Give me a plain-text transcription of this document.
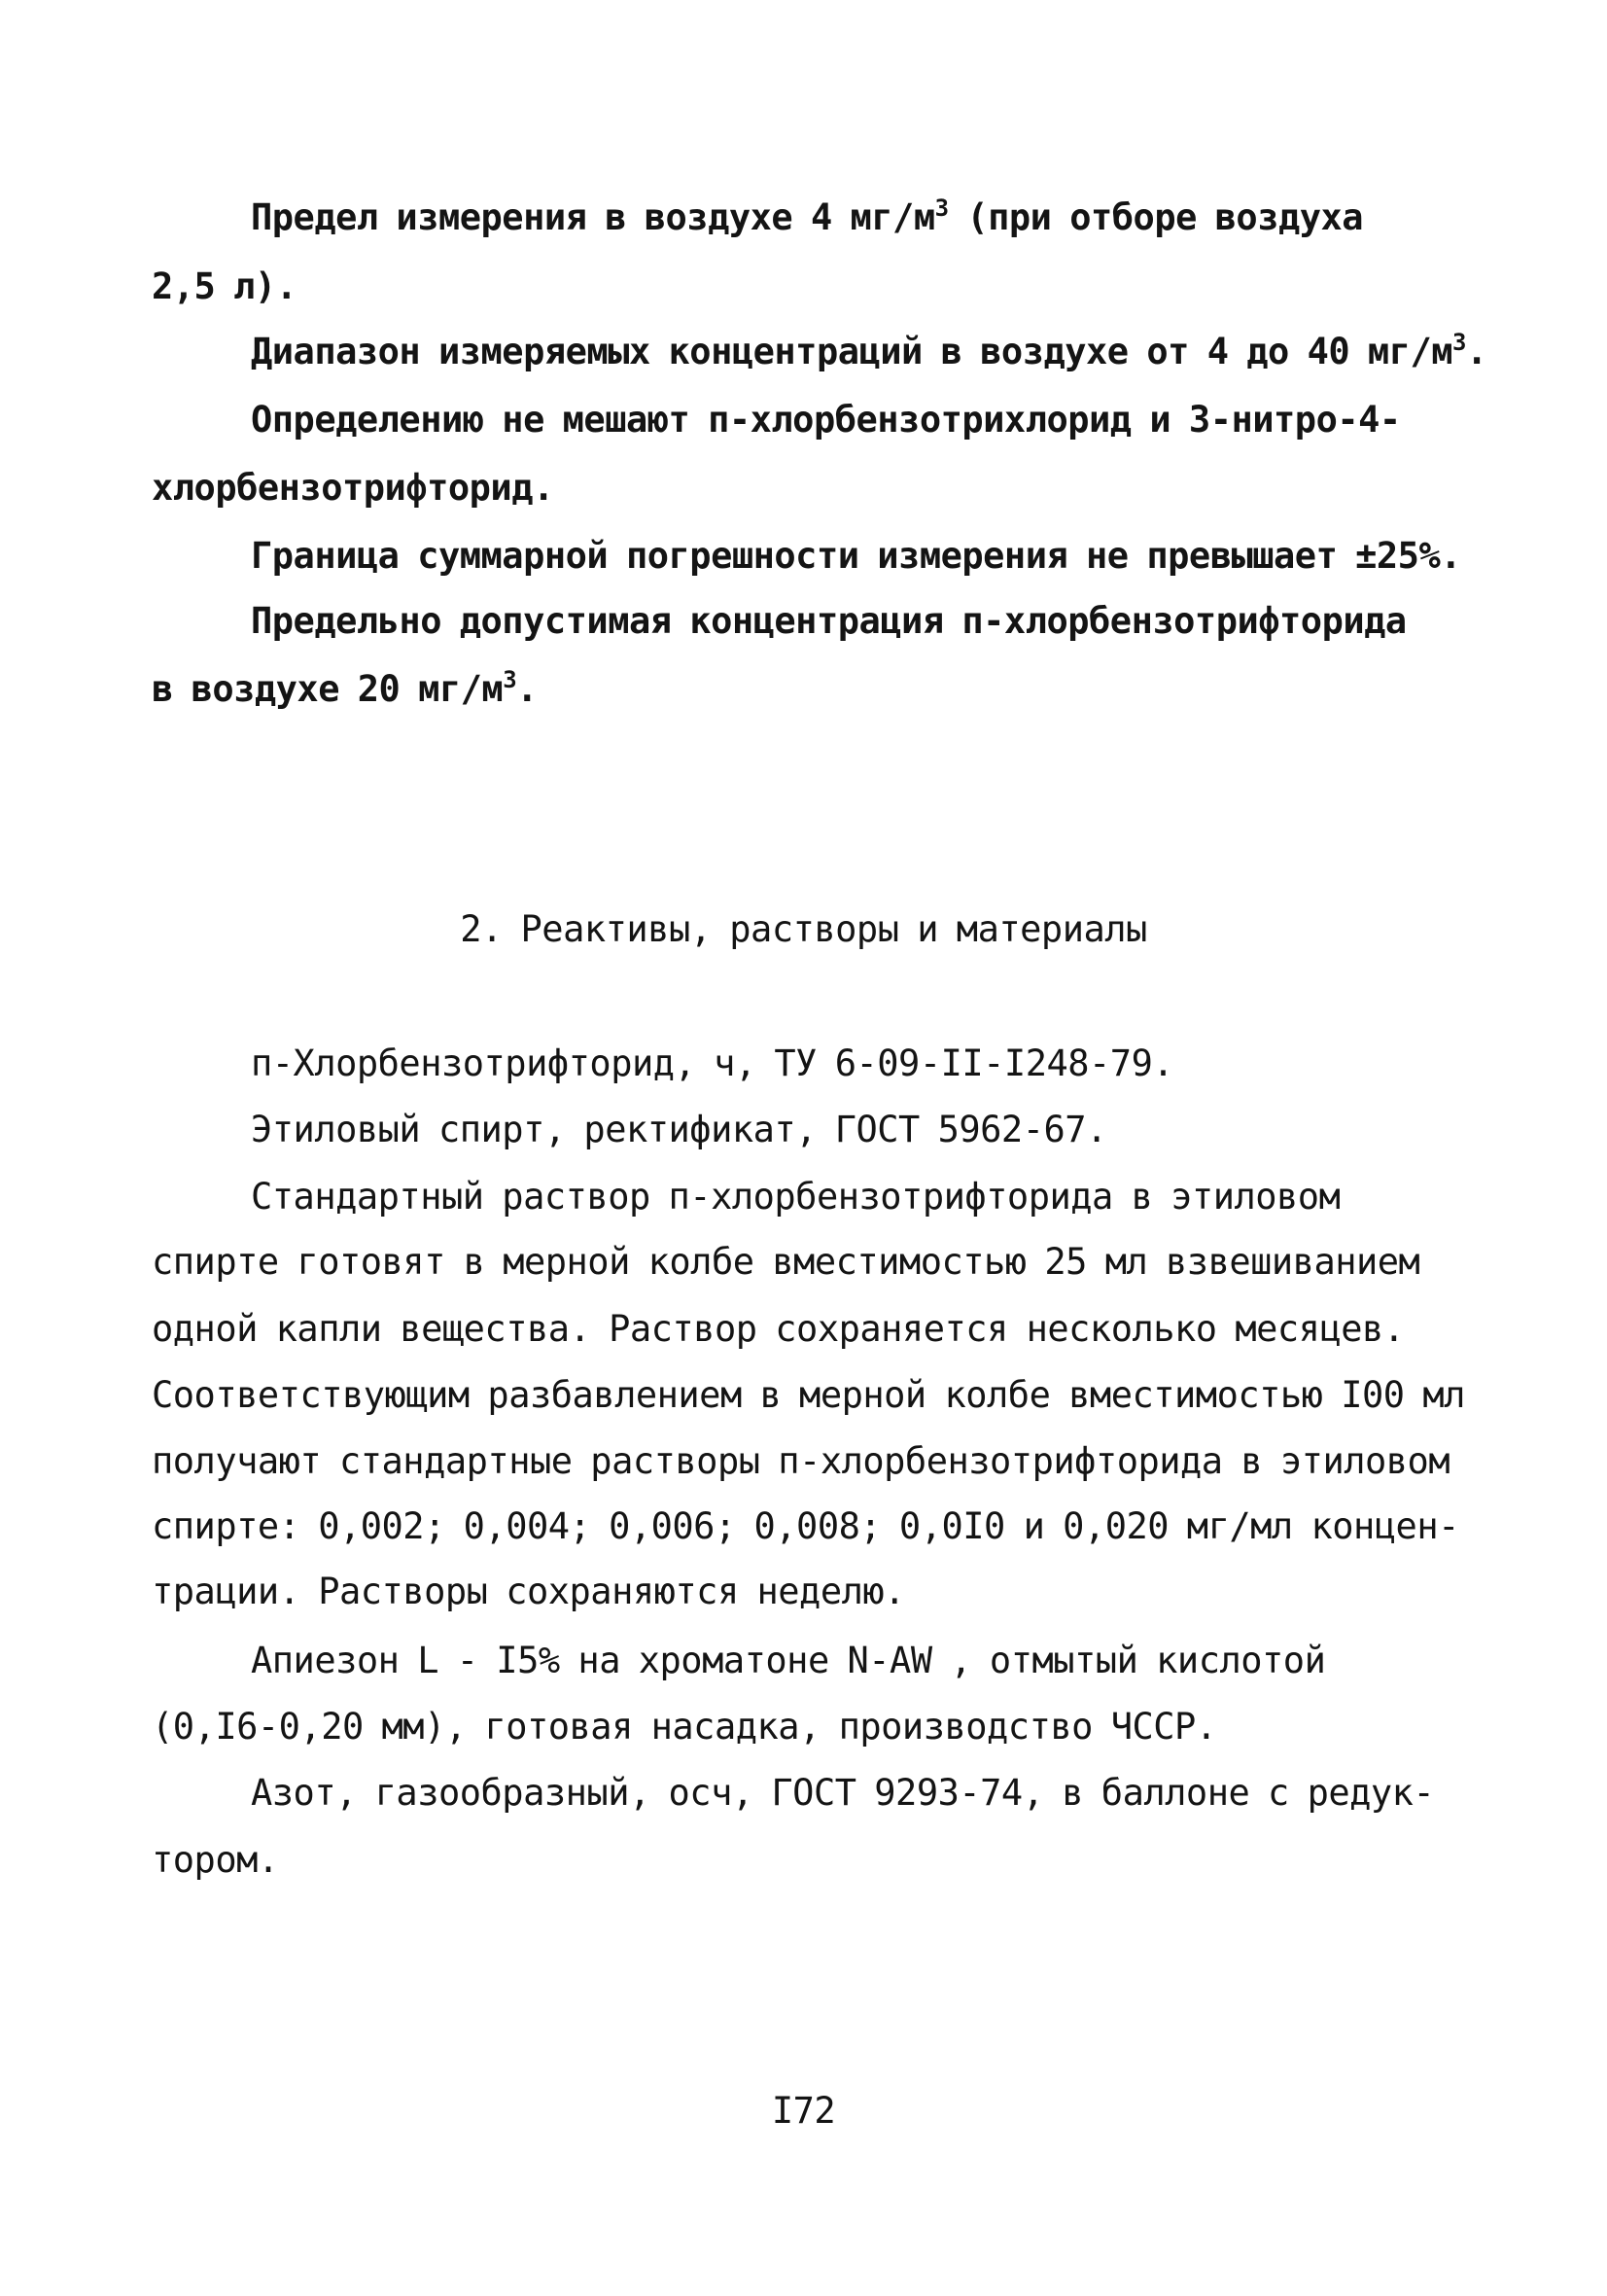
Предел измерения в воздухе 4 $мг/м^3$ (при отборе воздуха
2,5 л).
Диапазон измеряемых концентраций в воздухе от 4 до 40 $мг/м^3$.
Определению не мешают п-хлорбензотрихлорид и 3-нитро-4-
хлорбензотрифторид.
Граница суммарной погрешности измерения не превышает ±25%.
Предельно допустимая концентрация п-хлорбензотрифторида
в воздухе 20 $мг/м^3$.
2. Реактивы, растворы и материалы
п-Хлорбензотрифторид, ч, ТУ 6-09-II-I248-79.
Этиловый спирт, ректификат, ГОСТ 5962-67.
Стандартный раствор п-хлорбензотрифторида в этиловом
спирте готовят в мерной колбе вместимостью 25 мл взвешиванием
одной капли вещества. Раствор сохраняется несколько месяцев.
Соответствующим разбавлением в мерной колбе вместимостью I00 мл
получают стандартные растворы п-хлорбензотрифторида в этиловом
спирте: 0,002; 0,004; 0,006; 0,008; 0,0I0 и 0,020 мг/мл концен-
трации. Растворы сохраняются неделю.
Апиезон L - I5% на хроматоне N-AW , отмытый кислотой
(0,I6-0,20 мм), готовая насадка, производство ЧССР.
Азот, газообразный, осч, ГОСТ 9293-74, в баллоне с редук-
тором.
I72
